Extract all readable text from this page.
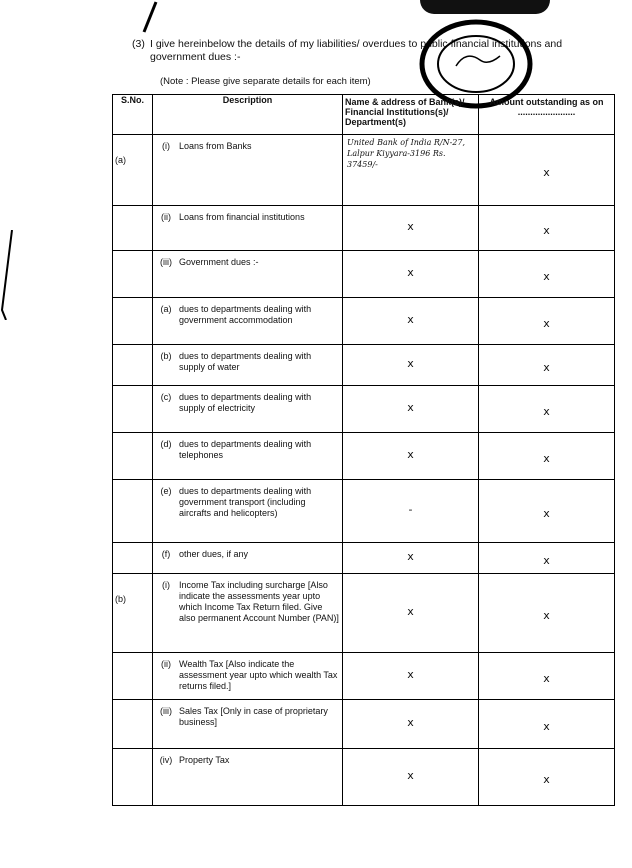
(3) I give hereinbelow the details of my liabilities/ overdues to public financial institutions and government dues :-
(Note : Please give separate details for each item)
S.No.	Description	Name & address of Bank(s)/ Financial Institutions(s)/ Department(s)	Amount outstanding as on .......................
(a)	(i) Loans from Banks	United Bank of India R/N-27, Lalpur Kiyyara-3196 Rs. 37459/-	x

	(ii) Loans from financial institutions	x	x

	(iii) Government dues :-	x	x

	(a) dues to departments dealing with government accommodation	x	x

	(b) dues to departments dealing with supply of water	x	x

	(c) dues to departments dealing with supply of electricity	x	x

	(d) dues to departments dealing with telephones	x	x

	(e) dues to departments dealing with government transport (including aircrafts and helicopters)	-	x

	(f) other dues, if any	x	x

(b)	(i) Income Tax including surcharge [Also indicate the assessments year upto which Income Tax Return filed. Give also permanent Account Number (PAN)]	x	x

	(ii) Wealth Tax [Also indicate the assessment year upto which wealth Tax returns filed.]	x	x

	(iii) Sales Tax [Only in case of proprietary business]	x	x

	(iv) Property Tax	x	x
